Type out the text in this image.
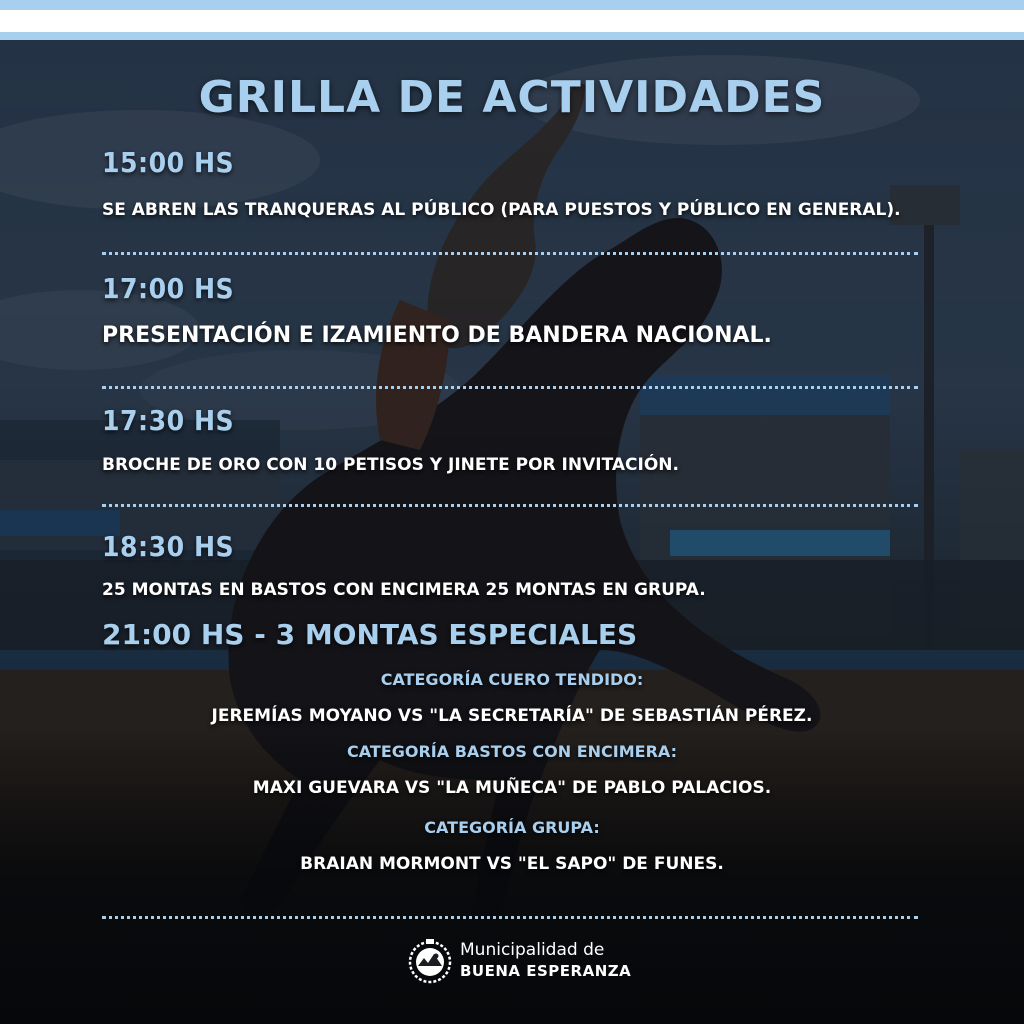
GRILLA DE ACTIVIDADES
15:00 HS
SE ABREN LAS TRANQUERAS AL PÚBLICO (PARA PUESTOS Y PÚBLICO EN GENERAL).
17:00 HS
PRESENTACIÓN E IZAMIENTO DE BANDERA NACIONAL.
17:30 HS
BROCHE DE ORO CON 10 PETISOS Y JINETE POR INVITACIÓN.
18:30 HS
25 MONTAS EN BASTOS CON ENCIMERA 25 MONTAS EN GRUPA.
21:00 HS - 3 MONTAS ESPECIALES
CATEGORÍA CUERO TENDIDO:
JEREMÍAS MOYANO VS "LA SECRETARÍA" DE SEBASTIÁN PÉREZ.
CATEGORÍA BASTOS CON ENCIMERA:
MAXI GUEVARA VS "LA MUÑECA" DE PABLO PALACIOS.
CATEGORÍA GRUPA:
BRAIAN MORMONT VS "EL SAPO" DE FUNES.
Municipalidad de
BUENA ESPERANZA
